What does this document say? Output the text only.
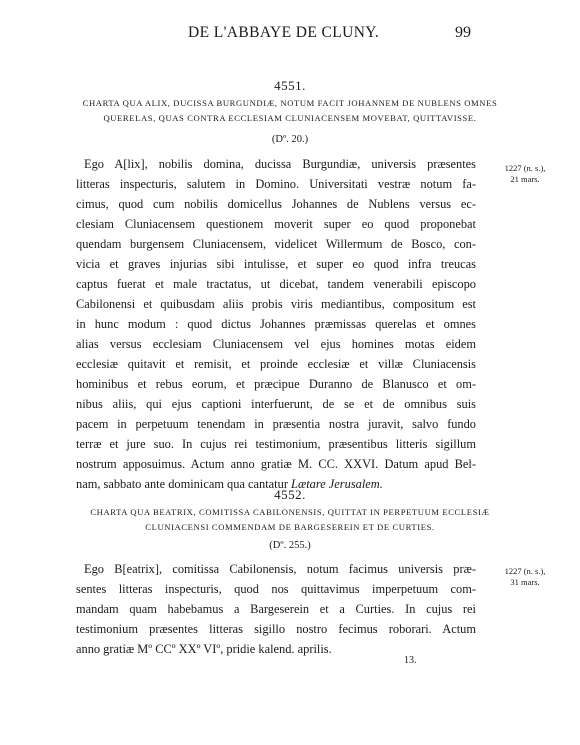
DE L'ABBAYE DE CLUNY.	99
4551.
CHARTA QUA ALIX, DUCISSA BURGUNDIÆ, NOTUM FACIT JOHANNEM DE NUBLENS OMNES
QUERELAS, QUAS CONTRA ECCLESIAM CLUNIACENSEM MOVEBAT, QUITTAVISSE.
(Dº. 20.)
1227 (n. s.),
21 mars.
Ego A[lix], nobilis domina, ducissa Burgundiæ, universis præsentes
litteras inspecturis, salutem in Domino. Universitati vestræ notum fa-
cimus, quod cum nobilis domicellus Johannes de Nublens versus ec-
clesiam Cluniacensem questionem moverit super eo quod proponebat
quendam burgensem Cluniacensem, videlicet Willermum de Bosco, con-
vicia et graves injurias sibi intulisse, et super eo quod infra treucas
captus fuerat et male tractatus, ut dicebat, tandem venerabili episcopo
Cabilonensi et quibusdam aliis probis viris mediantibus, compositum est
in hunc modum : quod dictus Johannes præmissas querelas et omnes
alias versus ecclesiam Cluniacensem vel ejus homines motas eidem
ecclesiæ quitavit et remisit, et proinde ecclesiæ et villæ Cluniacensis
hominibus et rebus eorum, et præcipue Duranno de Blanusco et om-
nibus aliis, qui ejus captioni interfuerunt, de se et de omnibus suis
pacem in perpetuum tenendam in præsentia nostra juravit, salvo fundo
terræ et jure suo. In cujus rei testimonium, præsentibus litteris sigillum
nostrum apposuimus. Actum anno gratiæ M. CC. XXVI. Datum apud Bel-
nam, sabbato ante dominicam qua cantatur Lætare Jerusalem.
4552.
CHARTA QUA BEATRIX, COMITISSA CABILONENSIS, QUITTAT IN PERPETUUM ECCLESIÆ
CLUNIACENSI COMMENDAM DE BARGESEREIN ET DE CURTIES.
(Dº. 255.)
1227 (n. s.),
31 mars.
Ego B[eatrix], comitissa Cabilonensis, notum facimus universis præ-
sentes litteras inspecturis, quod nos quittavimus imperpetuum com-
mandam quam habebamus a Bargeserein et a Curties. In cujus rei
testimonium præsentes litteras sigillo nostro fecimus roborari. Actum
anno gratiæ Mº CCº XXº VIº, pridie kalend. aprilis.
13.
